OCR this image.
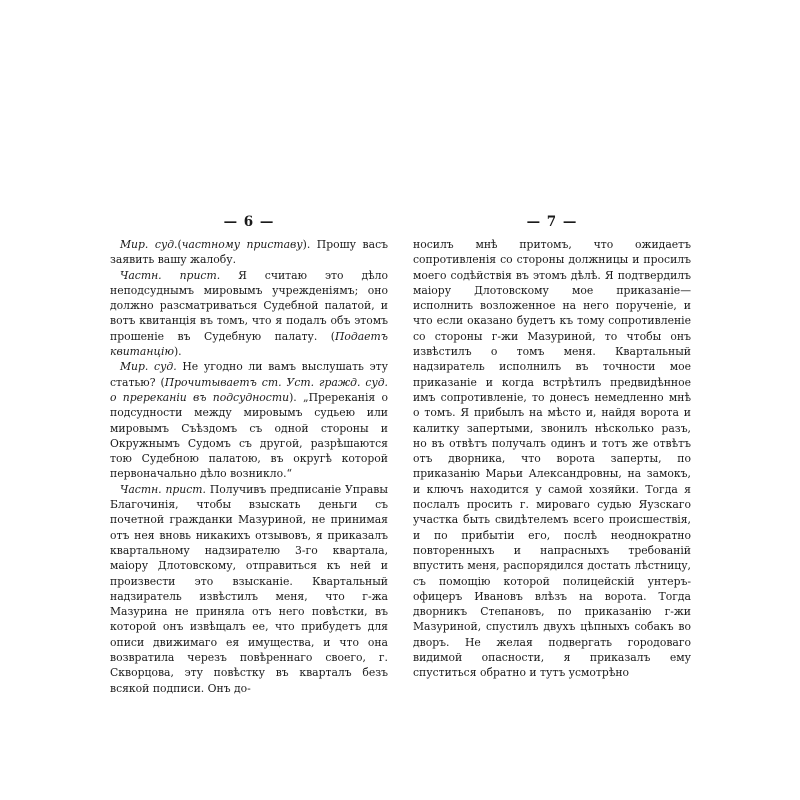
— 6 —

Мир. суд.(частному приставу). Прошу васъ заявить вашу жалобу.

Частн. прист. Я считаю это дѣло неподсуднымъ мировымъ учрежденіямъ; оно должно разсматриваться Судебной палатой, и вотъ квитанція въ томъ, что я подалъ объ этомъ прошеніе въ Судебную палату. (Подаетъ квитанцію).

Мир. суд. Не угодно ли вамъ выслушать эту статью? (Прочитываетъ ст. Уст. гражд. суд. о пререканіи въ подсудности). „Пререканія о подсудности между мировымъ судьею или мировымъ Съѣздомъ съ одной стороны и Окружнымъ Судомъ съ другой, разрѣшаются тою Судебною палатою, въ округѣ которой первоначально дѣло возникло.“

Частн. прист. Получивъ предписаніе Управы Благочинія, чтобы взыскать деньги съ почетной гражданки Мазуриной, не принимая отъ нея вновь никакихъ отзывовъ, я приказалъ квартальному надзирателю 3-го квартала, маіору Длотовскому, отправиться къ ней и произвести это взысканіе. Квартальный надзиратель извѣстилъ меня, что г-жа Мазурина не приняла отъ него повѣстки, въ которой онъ извѣщалъ ее, что прибудетъ для описи движимаго ея имущества, и что она возвратила черезъ повѣреннаго своего, г. Скворцова, эту повѣстку въ кварталъ безъ всякой подписи. Онъ до-

— 7 —

носилъ мнѣ притомъ, что ожидаетъ сопротивленія со стороны должницы и просилъ моего содѣйствія въ этомъ дѣлѣ. Я подтвердилъ маіору Длотовскому мое приказаніе—исполнить возложенное на него порученіе, и что если оказано будетъ къ тому сопротивленіе со стороны г-жи Мазуриной, то чтобы онъ извѣстилъ о томъ меня. Квартальный надзиратель исполнилъ въ точности мое приказаніе и когда встрѣтилъ предвидѣнное имъ сопротивленіе, то донесъ немедленно мнѣ о томъ. Я прибылъ на мѣсто и, найдя ворота и калитку запертыми, звонилъ нѣсколько разъ, но въ отвѣтъ получалъ одинъ и тотъ же отвѣтъ отъ дворника, что ворота заперты, по приказанію Марьи Александровны, на замокъ, и ключъ находится у самой хозяйки. Тогда я послалъ просить г. мироваго судью Яузскаго участка быть свидѣтелемъ всего происшествія, и по прибытіи его, послѣ неоднократно повторенныхъ и напрасныхъ требованій впустить меня, распорядился достать лѣстницу, съ помощію которой полицейскій унтеръ-офицеръ Ивановъ влѣзъ на ворота. Тогда дворникъ Степановъ, по приказанію г-жи Мазуриной, спустилъ двухъ цѣпныхъ собакъ во дворъ. Не желая подвергать городоваго видимой опасности, я приказалъ ему спуститься обратно и тутъ усмотрѣно
